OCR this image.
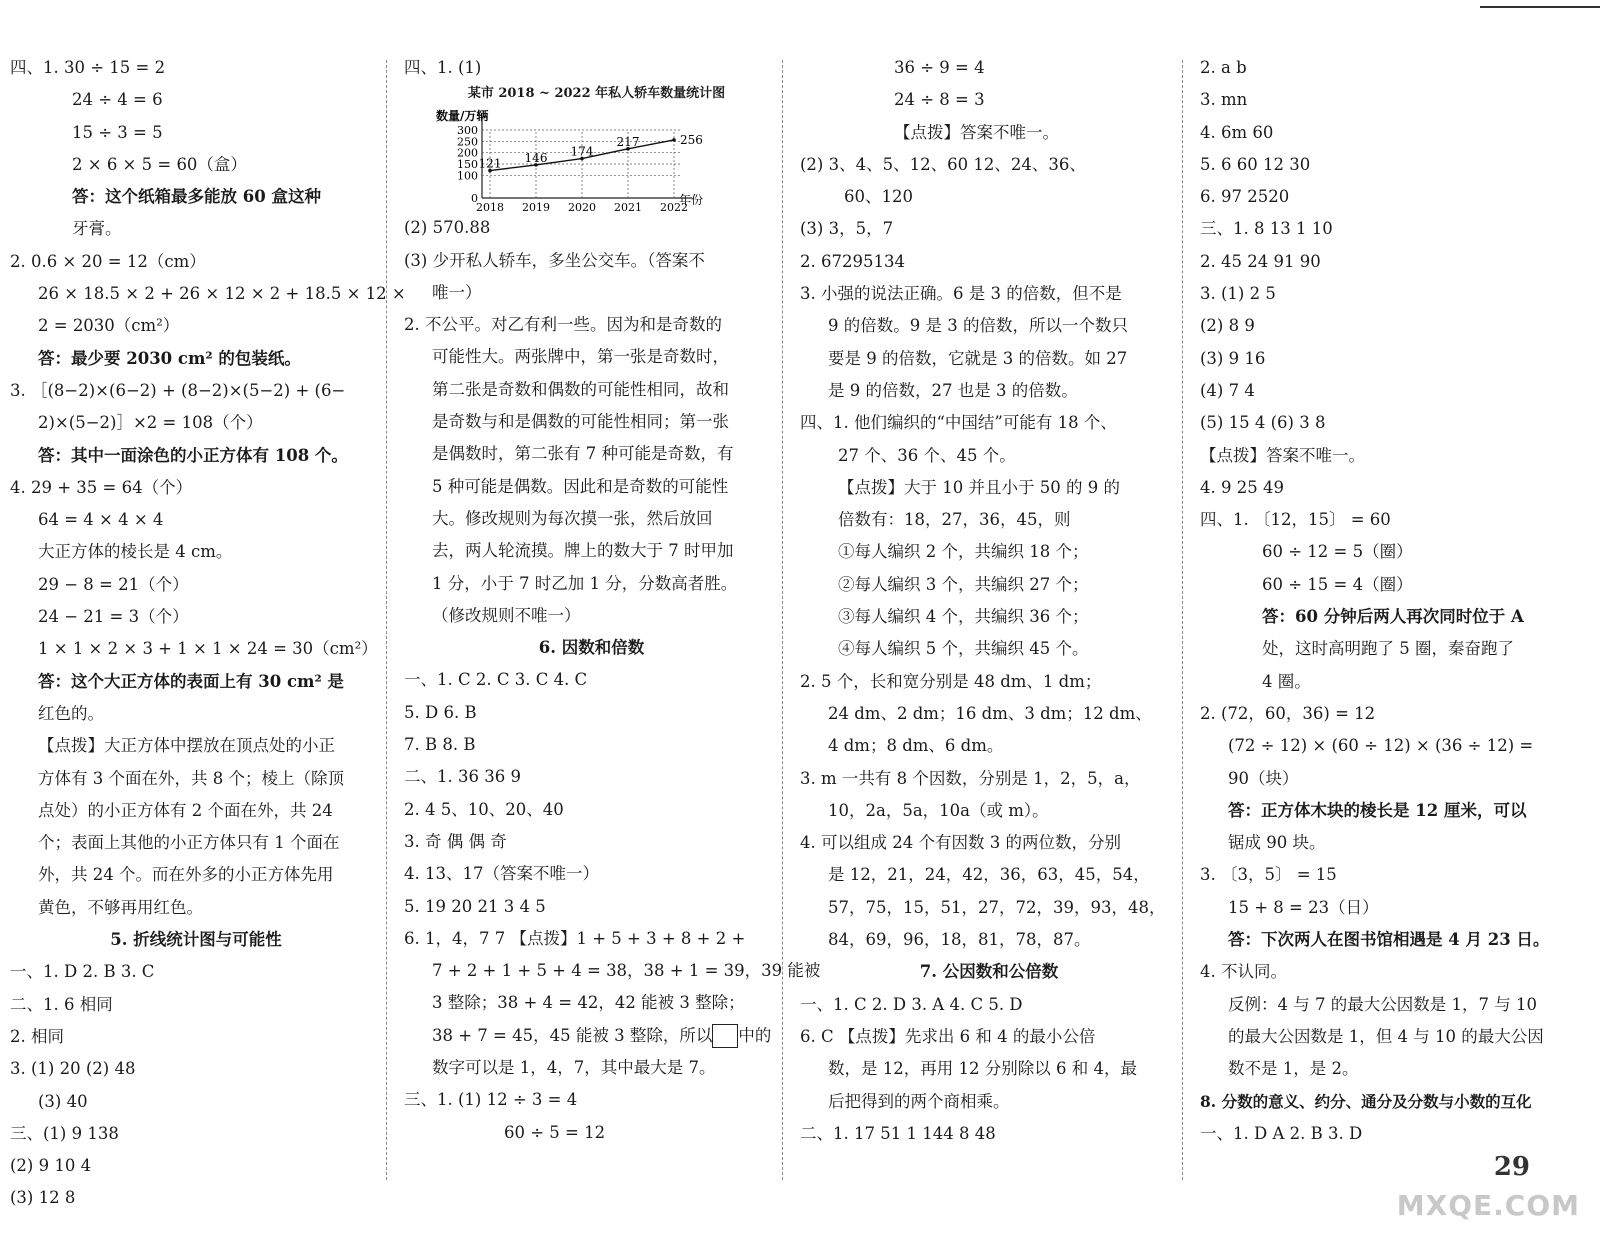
四、1. 30 ÷ 15 = 2
24 ÷ 4 = 6
15 ÷ 3 = 5
2 × 6 × 5 = 60（盒）
答：这个纸箱最多能放 60 盒这种
牙膏。
2. 0.6 × 20 = 12（cm）
26 × 18.5 × 2 + 26 × 12 × 2 + 18.5 × 12 ×
2 = 2030（cm²）
答：最少要 2030 cm² 的包装纸。
3. ［(8−2)×(6−2) + (8−2)×(5−2) + (6−
2)×(5−2)］×2 = 108（个）
答：其中一面涂色的小正方体有 108 个。
4. 29 + 35 = 64（个）
64 = 4 × 4 × 4
大正方体的棱长是 4 cm。
29 − 8 = 21（个）
24 − 21 = 3（个）
1 × 1 × 2 × 3 + 1 × 1 × 24 = 30（cm²）
答：这个大正方体的表面上有 30 cm² 是
红色的。
【点拨】大正方体中摆放在顶点处的小正
方体有 3 个面在外，共 8 个；棱上（除顶
点处）的小正方体有 2 个面在外，共 24
个；表面上其他的小正方体只有 1 个面在
外，共 24 个。而在外多的小正方体先用
黄色，不够再用红色。
5. 折线统计图与可能性
一、1. D 2. B 3. C
二、1. 6 相同
2. 相同
3. (1) 20 (2) 48
(3) 40
三、(1) 9 138
(2) 9 10 4
(3) 12 8
四、1. (1)
某市 2018 ~ 2022 年私人轿车数量统计图
数量/万辆
年份
0
100
150
200
250
300
2018 2019 2020 2021 2022
121 146 174
217	256
(2) 570.88
(3) 少开私人轿车，多坐公交车。（答案不
唯一）
2. 不公平。对乙有利一些。因为和是奇数的
可能性大。两张牌中，第一张是奇数时，
第二张是奇数和偶数的可能性相同，故和
是奇数与和是偶数的可能性相同；第一张
是偶数时，第二张有 7 种可能是奇数，有
5 种可能是偶数。因此和是奇数的可能性
大。修改规则为每次摸一张，然后放回
去，两人轮流摸。牌上的数大于 7 时甲加
1 分，小于 7 时乙加 1 分，分数高者胜。
（修改规则不唯一）
6. 因数和倍数
一、1. C 2. C 3. C 4. C
5. D 6. B
7. B 8. B
二、1. 36 36 9
2. 4 5、10、20、40
3. 奇 偶 偶 奇
4. 13、17（答案不唯一）
5. 19 20 21 3 4 5
6. 1，4，7 7 【点拨】1 + 5 + 3 + 8 + 2 +
7 + 2 + 1 + 5 + 4 = 38，38 + 1 = 39，39 能被
3 整除；38 + 4 = 42，42 能被 3 整除；
38 + 7 = 45，45 能被 3 整除，所以 中的
数字可以是 1，4，7，其中最大是 7。
三、1. (1) 12 ÷ 3 = 4
60 ÷ 5 = 12
36 ÷ 9 = 4
24 ÷ 8 = 3
【点拨】答案不唯一。
(2) 3、4、5、12、60 12、24、36、
60、120
(3) 3，5，7
2. 67295134
3. 小强的说法正确。6 是 3 的倍数，但不是
9 的倍数。9 是 3 的倍数，所以一个数只
要是 9 的倍数，它就是 3 的倍数。如 27
是 9 的倍数，27 也是 3 的倍数。
四、1. 他们编织的“中国结”可能有 18 个、
27 个、36 个、45 个。
【点拨】大于 10 并且小于 50 的 9 的
倍数有：18，27，36，45，则
①每人编织 2 个，共编织 18 个；
②每人编织 3 个，共编织 27 个；
③每人编织 4 个，共编织 36 个；
④每人编织 5 个，共编织 45 个。
2. 5 个，长和宽分别是 48 dm、1 dm；
24 dm、2 dm；16 dm、3 dm；12 dm、
4 dm；8 dm、6 dm。
3. m 一共有 8 个因数，分别是 1，2，5，a，
10，2a，5a，10a（或 m）。
4. 可以组成 24 个有因数 3 的两位数，分别
是 12，21，24，42，36，63，45，54，
57，75，15，51，27，72，39，93，48，
84，69，96，18，81，78，87。
7. 公因数和公倍数
一、1. C 2. D 3. A 4. C 5. D
6. C 【点拨】先求出 6 和 4 的最小公倍
数，是 12，再用 12 分别除以 6 和 4，最
后把得到的两个商相乘。
二、1. 17 51 1 144 8 48
2. a b
3. mn
4. 6m 60
5. 6 60 12 30
6. 97 2520
三、1. 8 13 1 10
2. 45 24 91 90
3. (1) 2 5
(2) 8 9
(3) 9 16
(4) 7 4
(5) 15 4 (6) 3 8
【点拨】答案不唯一。
4. 9 25 49
四、1. 〔12，15〕 = 60
60 ÷ 12 = 5（圈）
60 ÷ 15 = 4（圈）
答：60 分钟后两人再次同时位于 A
处，这时高明跑了 5 圈，秦奋跑了
4 圈。
2. (72，60，36) = 12
(72 ÷ 12) × (60 ÷ 12) × (36 ÷ 12) =
90（块）
答：正方体木块的棱长是 12 厘米，可以
锯成 90 块。
3. 〔3，5〕 = 15
15 + 8 = 23（日）
答：下次两人在图书馆相遇是 4 月 23 日。
4. 不认同。
反例：4 与 7 的最大公因数是 1，7 与 10
的最大公因数是 1，但 4 与 10 的最大公因
数不是 1，是 2。
8. 分数的意义、约分、通分及分数与小数的互化
一、1. D A 2. B 3. D
29
MXQE.COM
